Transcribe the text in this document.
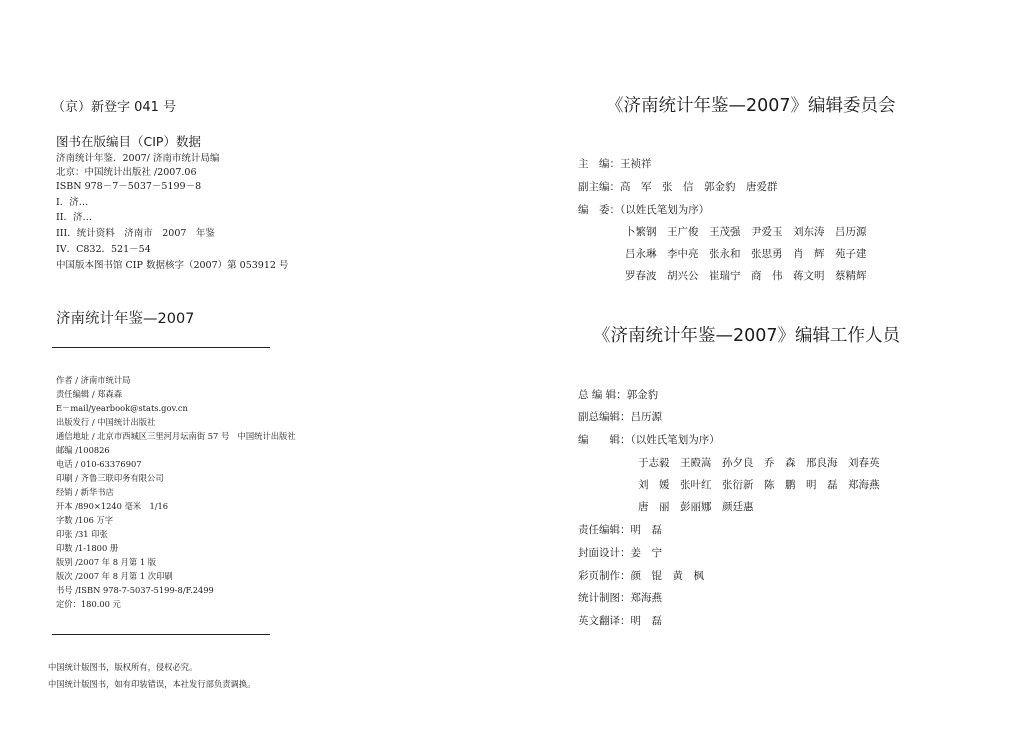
（京）新登字 041 号
图书在版编目（CIP）数据
济南统计年鉴．2007/ 济南市统计局编
北京：中国统计出版社 /2007.06
ISBN 978－7－5037－5199－8
I．济…
II．济…
III．统计资料　济南市　2007　年鉴
IV．C832．521－54
中国版本图书馆 CIP 数据核字（2007）第 053912 号
济南统计年鉴—2007
作者 / 济南市统计局
责任编辑 / 郑森森
E－mail/yearbook@stats.gov.cn
出版发行 / 中国统计出版社
通信地址 / 北京市西城区三里河月坛南街 57 号　中国统计出版社
邮编 /100826
电话 / 010-63376907
印刷 / 齐鲁三联印务有限公司
经销 / 新华书店
开本 /890×1240 毫米　1/16
字数 /106 万字
印张 /31 印张
印数 /1-1800 册
版别 /2007 年 8 月第 1 版
版次 /2007 年 8 月第 1 次印刷
书号 /ISBN 978-7-5037-5199-8/F.2499
定价：180.00 元
中国统计版图书，版权所有，侵权必究。
中国统计版图书，如有印装错误，本社发行部负责调换。
《济南统计年鉴—2007》编辑委员会
主　编：王祯祥
副主编：高　军　张　信　郭金豹　唐爱群
编　委：（以姓氏笔划为序）
卜繁钢　王广俊　王茂强　尹爱玉　刘东涛　吕历源
吕永琳　李中亮　张永和　张思勇　肖　辉　苑子建
罗春波　胡兴公　崔瑞宁　商　伟　蒋文明　蔡精辉
《济南统计年鉴—2007》编辑工作人员
总 编 辑：郭金豹
副总编辑：吕历源
编　　辑：（以姓氏笔划为序）
于志毅　王殿嵩　孙夕良　乔　森　邢良海　刘春英
刘　媛　张叶红　张衍新　陈　鹏　明　磊　郑海燕
唐　丽　彭丽娜　颜廷惠
责任编辑：明　磊
封面设计：姜　宁
彩页制作：颜　锟　黄　枫
统计制图：郑海燕
英文翻译：明　磊
